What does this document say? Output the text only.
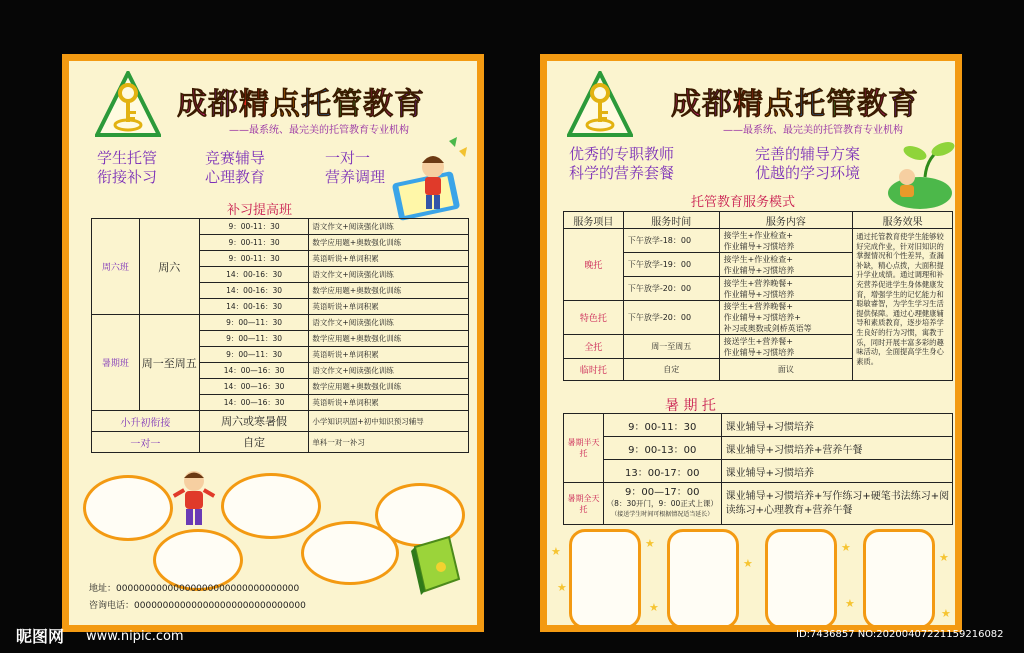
成都精点托管教育
——最系统、最完美的托管教育专业机构
学生托管
衔接补习
竞赛辅导
心理教育
一对一
营养调理
补习提高班
周六班	周六	9：00-11：30	语文作文+阅读强化训练
		9：00-11：30	数学应用题+奥数强化训练
		9：00-11：30	英语听说+单词积累
		14：00-16：30	语文作文+阅读强化训练
		14：00-16：30	数学应用题+奥数强化训练
		14：00-16：30	英语听说+单词积累
暑期班	周一至周五	9：00—11：30	语文作文+阅读强化训练
		9：00—11：30	数学应用题+奥数强化训练
		9：00—11：30	英语听说+单词积累
		14：00—16：30	语文作文+阅读强化训练
		14：00—16：30	数学应用题+奥数强化训练
		14：00—16：30	英语听说+单词积累
小升初衔接		周六或寒暑假	小学知识巩固+初中知识预习辅导
一对一		自定	单科一对一补习
地址：00000000000000000000000000000000
咨询电话：000000000000000000000000000000
成都精点托管教育
——最系统、最完美的托管教育专业机构
优秀的专职教师
科学的营养套餐
完善的辅导方案
优越的学习环境
托管教育服务模式
服务项目	服务时间	服务内容	服务效果
晚托	下午放学-18：00	接学生+作业检查+
作业辅导+习惯培养	通过托管教育使学生能够较好完成作业，针对旧知识的掌握情况和个性差异，查漏补缺，精心点拨，大面积提升学业成绩。通过调理和补充营养促进学生身体健康发育，增强学生的记忆能力和聪敏睿智，为学生学习生活提供保障。通过心理健康辅导和素质教育，逐步培养学生良好的行为习惯，寓教于乐，同时开展丰富多彩的趣味活动，全面提高学生身心素质。
	下午放学-19：00	接学生+作业检查+
作业辅导+习惯培养	

	下午放学-20：00	接学生+营养晚餐+
作业辅导+习惯培养	

特色托	下午放学-20：00	接学生+营养晚餐+
作业辅导+习惯培养+
补习或奥数或剑桥英语等	

全托	周一至周五	接送学生+营养餐+
作业辅导+习惯培养	

临时托	自定	面议	
暑 期 托
暑期半天托	9：00-11：30	课业辅导+习惯培养
	9：00-13：00	课业辅导+习惯培养+营养午餐
	13：00-17：00	课业辅导+习惯培养
暑期全天托	9：00—17：00
（8：30开门，9：00正式上课）
（接送学生时间可根据情况适当延长）	课业辅导+习惯培养+写作练习+硬笔书法练习+阅读练习+心理教育+营养午餐
★
★
★
★
★
★
★
★
★
昵图网 www.nipic.com	ID:7436857 NO:20200407221159216082
